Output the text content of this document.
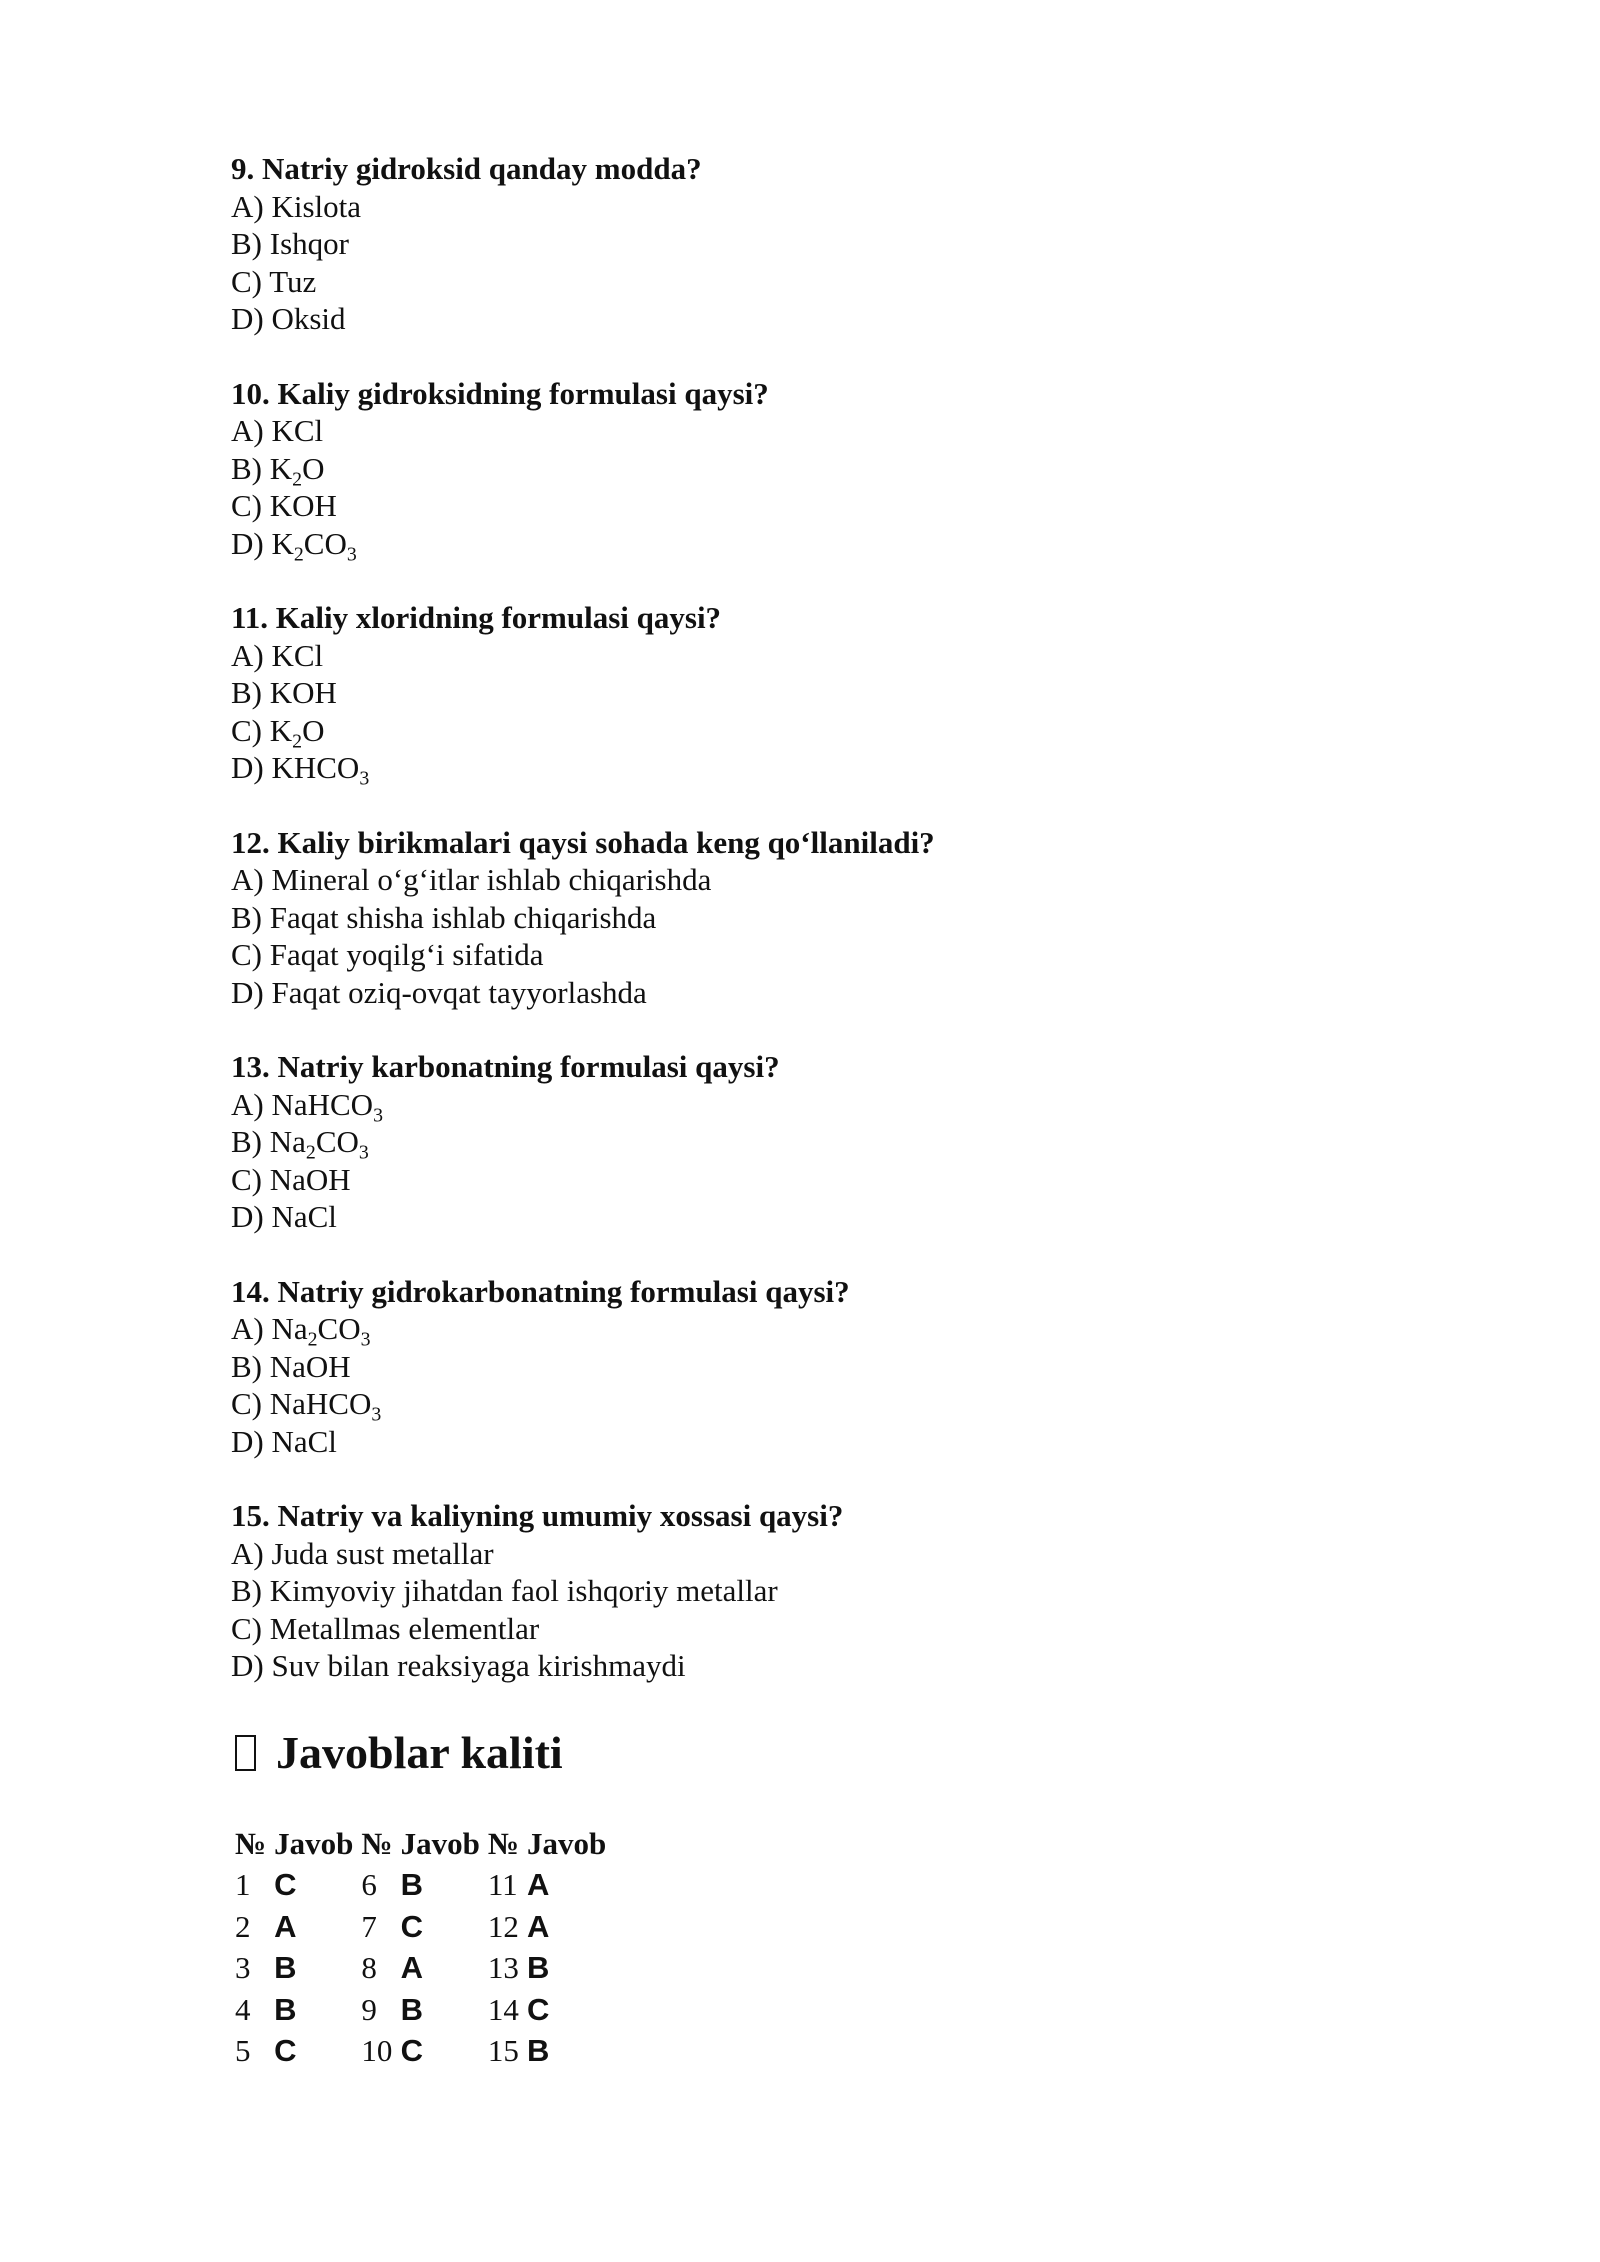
9. Natriy gidroksid qanday modda?
A) Kislota
B) Ishqor
C) Tuz
D) Oksid
10. Kaliy gidroksidning formulasi qaysi?
A) KCl
B) $K_2O$
C) KOH
D) $K_2CO_3$
11. Kaliy xloridning formulasi qaysi?
A) KCl
B) KOH
C) $K_2O$
D) $KHCO_3$
12. Kaliy birikmalari qaysi sohada keng qo‘llaniladi?
A) Mineral o‘g‘itlar ishlab chiqarishda
B) Faqat shisha ishlab chiqarishda
C) Faqat yoqilg‘i sifatida
D) Faqat oziq-ovqat tayyorlashda
13. Natriy karbonatning formulasi qaysi?
A) NaHCO$_3$
B) $Na_2CO_3$
C) NaOH
D) NaCl
14. Natriy gidrokarbonatning formulasi qaysi?
A) $Na_2CO_3$
B) NaOH
C) NaHCO$_3$
D) NaCl
15. Natriy va kaliyning umumiy xossasi qaysi?
A) Juda sust metallar
B) Kimyoviy jihatdan faol ishqoriy metallar
C) Metallmas elementlar
D) Suv bilan reaksiyaga kirishmaydi
Javoblar kaliti
№	Javob	№	Javob	№	Javob
1	C	6	B	11	A
2	A	7	C	12	A
3	B	8	A	13	B
4	B	9	B	14	C
5	C	10	C	15	B
